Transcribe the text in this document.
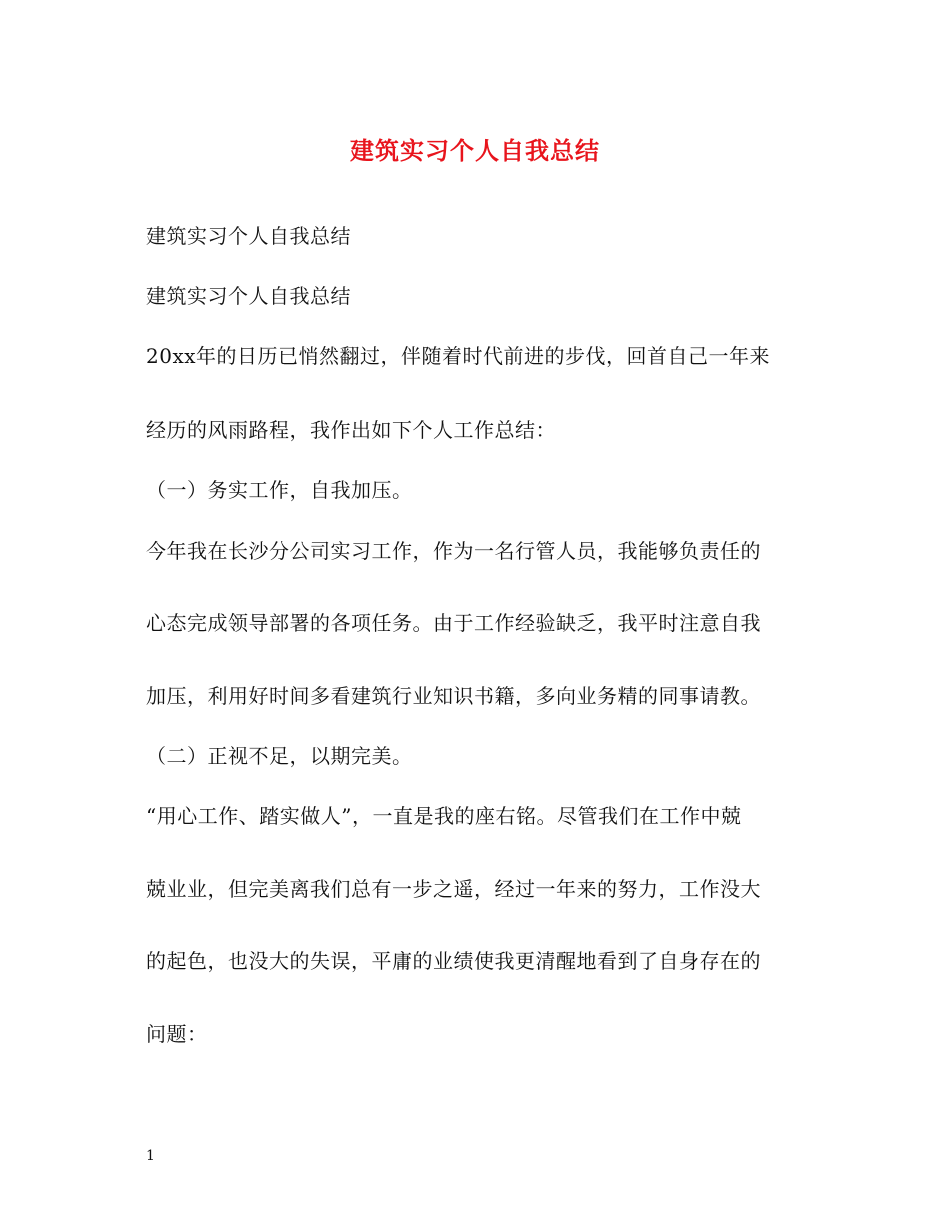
建筑实习个人自我总结
建筑实习个人自我总结
建筑实习个人自我总结
20xx年的日历已悄然翻过，伴随着时代前进的步伐，回首自己一年来
经历的风雨路程，我作出如下个人工作总结：
（一）务实工作，自我加压。
今年我在长沙分公司实习工作，作为一名行管人员，我能够负责任的
心态完成领导部署的各项任务。由于工作经验缺乏，我平时注意自我
加压，利用好时间多看建筑行业知识书籍，多向业务精的同事请教。
（二）正视不足，以期完美。
“用心工作、踏实做人”，一直是我的座右铭。尽管我们在工作中兢
兢业业，但完美离我们总有一步之遥，经过一年来的努力，工作没大
的起色，也没大的失误，平庸的业绩使我更清醒地看到了自身存在的
问题：
1
